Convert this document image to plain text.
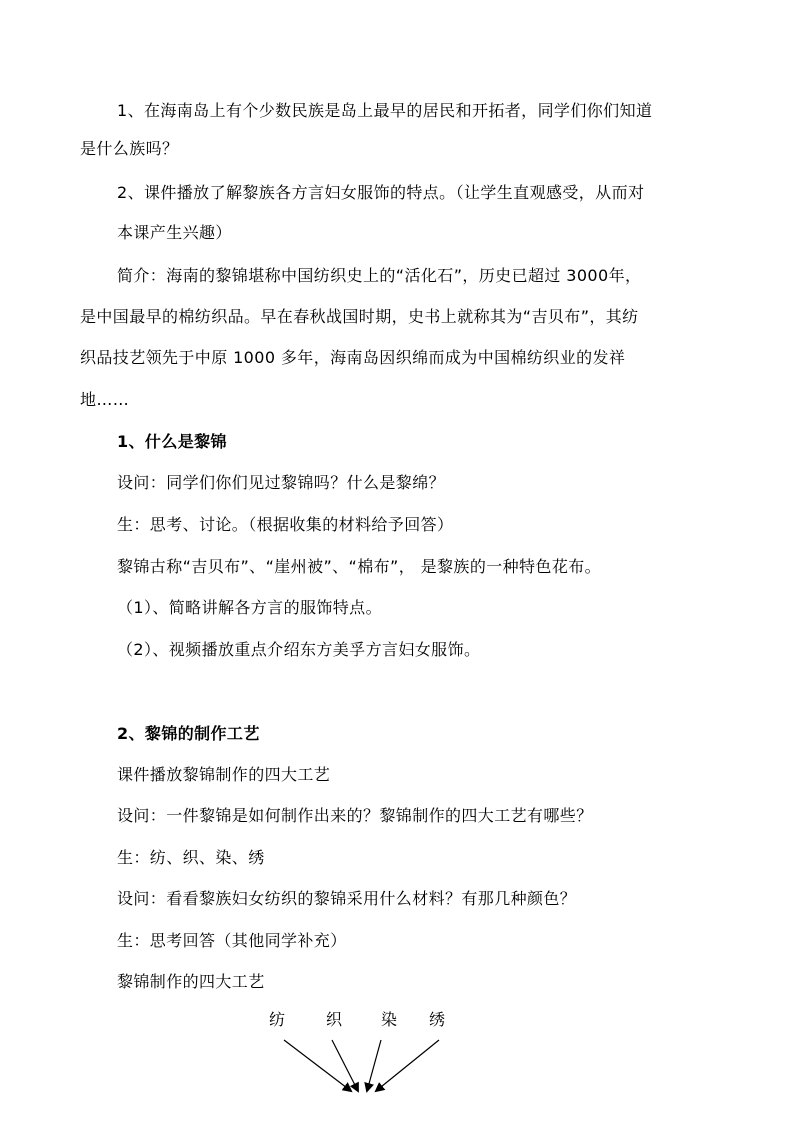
1、在海南岛上有个少数民族是岛上最早的居民和开拓者，同学们你们知道
是什么族吗？
2、课件播放了解黎族各方言妇女服饰的特点。（让学生直观感受，从而对
本课产生兴趣）
简介：海南的黎锦堪称中国纺织史上的“活化石”，历史已超过 3000年，
是中国最早的棉纺织品。早在春秋战国时期，史书上就称其为“吉贝布”，其纺
织品技艺领先于中原 1000 多年，海南岛因织绵而成为中国棉纺织业的发祥
地……
1、什么是黎锦
设问：同学们你们见过黎锦吗？什么是黎绵？
生：思考、讨论。（根据收集的材料给予回答）
黎锦古称“吉贝布”、“崖州被”、“棉布”， 是黎族的一种特色花布。
（1）、简略讲解各方言的服饰特点。
（2）、视频播放重点介绍东方美孚方言妇女服饰。
2、黎锦的制作工艺
课件播放黎锦制作的四大工艺
设问：一件黎锦是如何制作出来的？黎锦制作的四大工艺有哪些？
生：纺、织、染、绣
设问：看看黎族妇女纺织的黎锦采用什么材料？有那几种颜色？
生：思考回答（其他同学补充）
黎锦制作的四大工艺
纺	织 染 绣
